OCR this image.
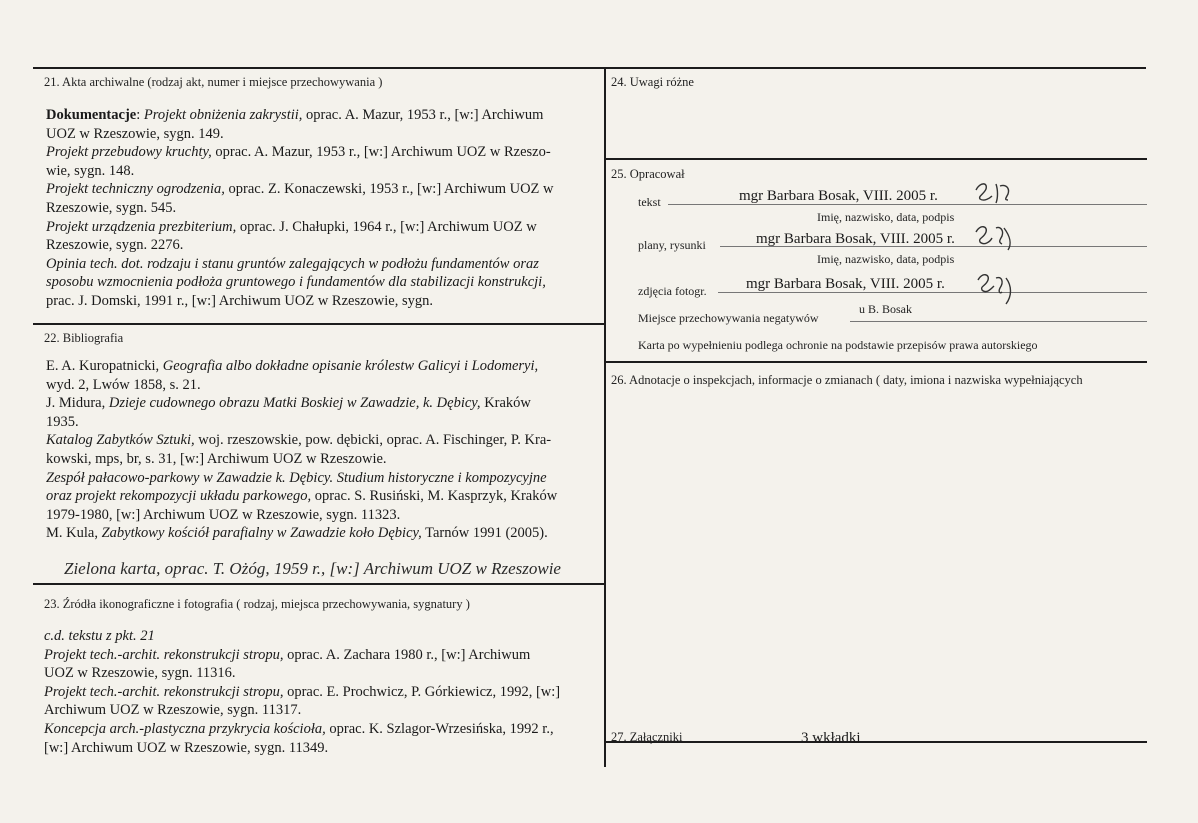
21. Akta archiwalne (rodzaj akt, numer i miejsce przechowywania )
Dokumentacje: Projekt obniżenia zakrystii, oprac. A. Mazur, 1953 r., [w:] Archiwum
UOZ w Rzeszowie, sygn. 149.
Projekt przebudowy kruchty, oprac. A. Mazur, 1953 r., [w:] Archiwum UOZ w Rzeszo-
wie, sygn. 148.
Projekt techniczny ogrodzenia, oprac. Z. Konaczewski, 1953 r., [w:] Archiwum UOZ w
Rzeszowie, sygn. 545.
Projekt urządzenia prezbiterium, oprac. J. Chałupki, 1964 r., [w:] Archiwum UOZ w
Rzeszowie, sygn. 2276.
Opinia tech. dot. rodzaju i stanu gruntów zalegających w podłożu fundamentów oraz
sposobu wzmocnienia podłoża gruntowego i fundamentów dla stabilizacji konstrukcji,
prac. J. Domski, 1991 r., [w:] Archiwum UOZ w Rzeszowie, sygn.
22. Bibliografia
E. A. Kuropatnicki, Geografia albo dokładne opisanie królestw Galicyi i Lodomeryi,
wyd. 2, Lwów 1858, s. 21.
J. Midura, Dzieje cudownego obrazu Matki Boskiej w Zawadzie, k. Dębicy, Kraków
1935.
Katalog Zabytków Sztuki, woj. rzeszowskie, pow. dębicki, oprac. A. Fischinger, P. Kra-
kowski, mps, br, s. 31, [w:] Archiwum UOZ w Rzeszowie.
Zespół pałacowo-parkowy w Zawadzie k. Dębicy. Studium historyczne i kompozycyjne
oraz projekt rekompozycji układu parkowego, oprac. S. Rusiński, M. Kasprzyk, Kraków
1979-1980, [w:] Archiwum UOZ w Rzeszowie, sygn. 11323.
M. Kula, Zabytkowy kościół parafialny w Zawadzie koło Dębicy, Tarnów 1991 (2005).
Zielona karta, oprac. T. Ożóg, 1959 r., [w:] Archiwum UOZ w Rzeszowie
23. Źródła ikonograficzne i fotografia ( rodzaj, miejsca przechowywania, sygnatury )
c.d. tekstu z pkt. 21
Projekt tech.-archit. rekonstrukcji stropu, oprac. A. Zachara 1980 r., [w:] Archiwum
UOZ w Rzeszowie, sygn. 11316.
Projekt tech.-archit. rekonstrukcji stropu, oprac. E. Prochwicz, P. Górkiewicz, 1992, [w:]
Archiwum UOZ w Rzeszowie, sygn. 11317.
Koncepcja arch.-plastyczna przykrycia kościoła, oprac. K. Szlagor-Wrzesińska, 1992 r.,
[w:] Archiwum UOZ w Rzeszowie, sygn. 11349.
24. Uwagi różne
25. Opracował
tekst	mgr Barbara Bosak, VIII. 2005 r.
Imię, nazwisko, data, podpis
plany, rysunki	mgr Barbara Bosak, VIII. 2005 r.
Imię, nazwisko, data, podpis
zdjęcia fotogr.	mgr Barbara Bosak, VIII. 2005 r.
Miejsce przechowywania negatywów
u B. Bosak
Karta po wypełnieniu podlega ochronie na podstawie przepisów prawa autorskiego
26. Adnotacje o inspekcjach, informacje o zmianach ( daty, imiona i nazwiska wypełniających
27. Załączniki	3 wkładki
